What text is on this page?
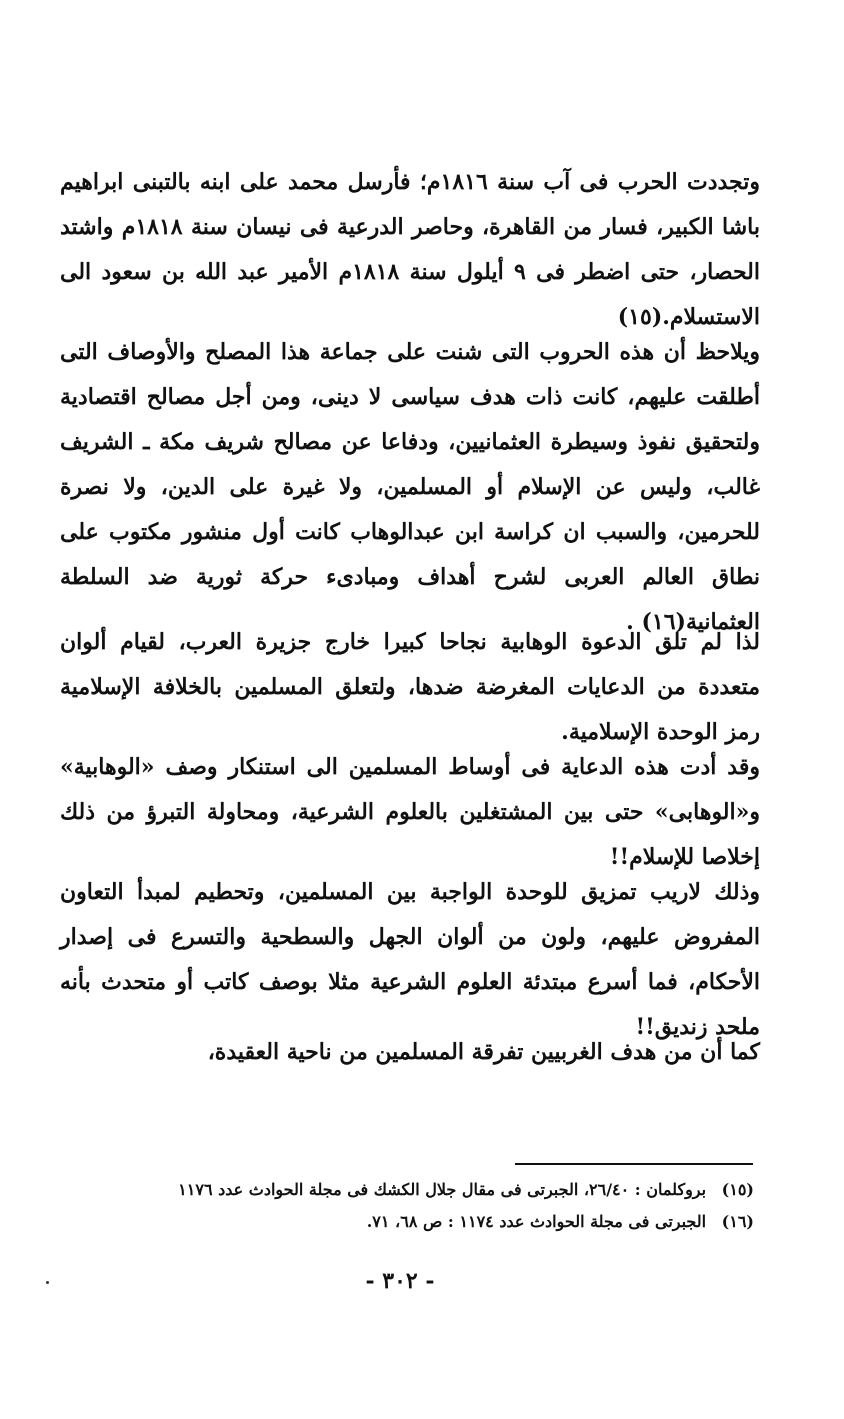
وتجددت الحرب فى آب سنة ١٨١٦م؛ فأرسل محمد على ابنه بالتبنى ابراهيم باشا الكبير، فسار من القاهرة، وحاصر الدرعية فى نيسان سنة ١٨١٨م واشتد الحصار، حتى اضطر فى ٩ أيلول سنة ١٨١٨م الأمير عبد الله بن سعود الى الاستسلام.(١٥)

ويلاحظ أن هذه الحروب التى شنت على جماعة هذا المصلح والأوصاف التى أطلقت عليهم، كانت ذات هدف سياسى لا دينى، ومن أجل مصالح اقتصادية ولتحقيق نفوذ وسيطرة العثمانيين، ودفاعا عن مصالح شريف مكة ـ الشريف غالب، وليس عن الإسلام أو المسلمين، ولا غيرة على الدين، ولا نصرة للحرمين، والسبب ان كراسة ابن عبدالوهاب كانت أول منشور مكتوب على نطاق العالم العربى لشرح أهداف ومبادىء حركة ثورية ضد السلطة العثمانية(١٦) .

لذا لم تلق الدعوة الوهابية نجاحا كبيرا خارج جزيرة العرب، لقيام ألوان متعددة من الدعايات المغرضة ضدها، ولتعلق المسلمين بالخلافة الإسلامية رمز الوحدة الإسلامية.

وقد أدت هذه الدعاية فى أوساط المسلمين الى استنكار وصف «الوهابية» و«الوهابى» حتى بين المشتغلين بالعلوم الشرعية، ومحاولة التبرؤ من ذلك إخلاصا للإسلام!!

وذلك لاريب تمزيق للوحدة الواجبة بين المسلمين، وتحطيم لمبدأ التعاون المفروض عليهم، ولون من ألوان الجهل والسطحية والتسرع فى إصدار الأحكام، فما أسرع مبتدئة العلوم الشرعية مثلا بوصف كاتب أو متحدث بأنه ملحد زنديق!!

كما أن من هدف الغربيين تفرقة المسلمين من ناحية العقيدة،

(١٥) بروكلمان : ٢٦/٤٠، الجبرتى فى مقال جلال الكشك فى مجلة الحوادث عدد ١١٧٦
(١٦) الجبرتى فى مجلة الحوادث عدد ١١٧٤ : ص ٦٨، ٧١.
- ٣٠٢ -
